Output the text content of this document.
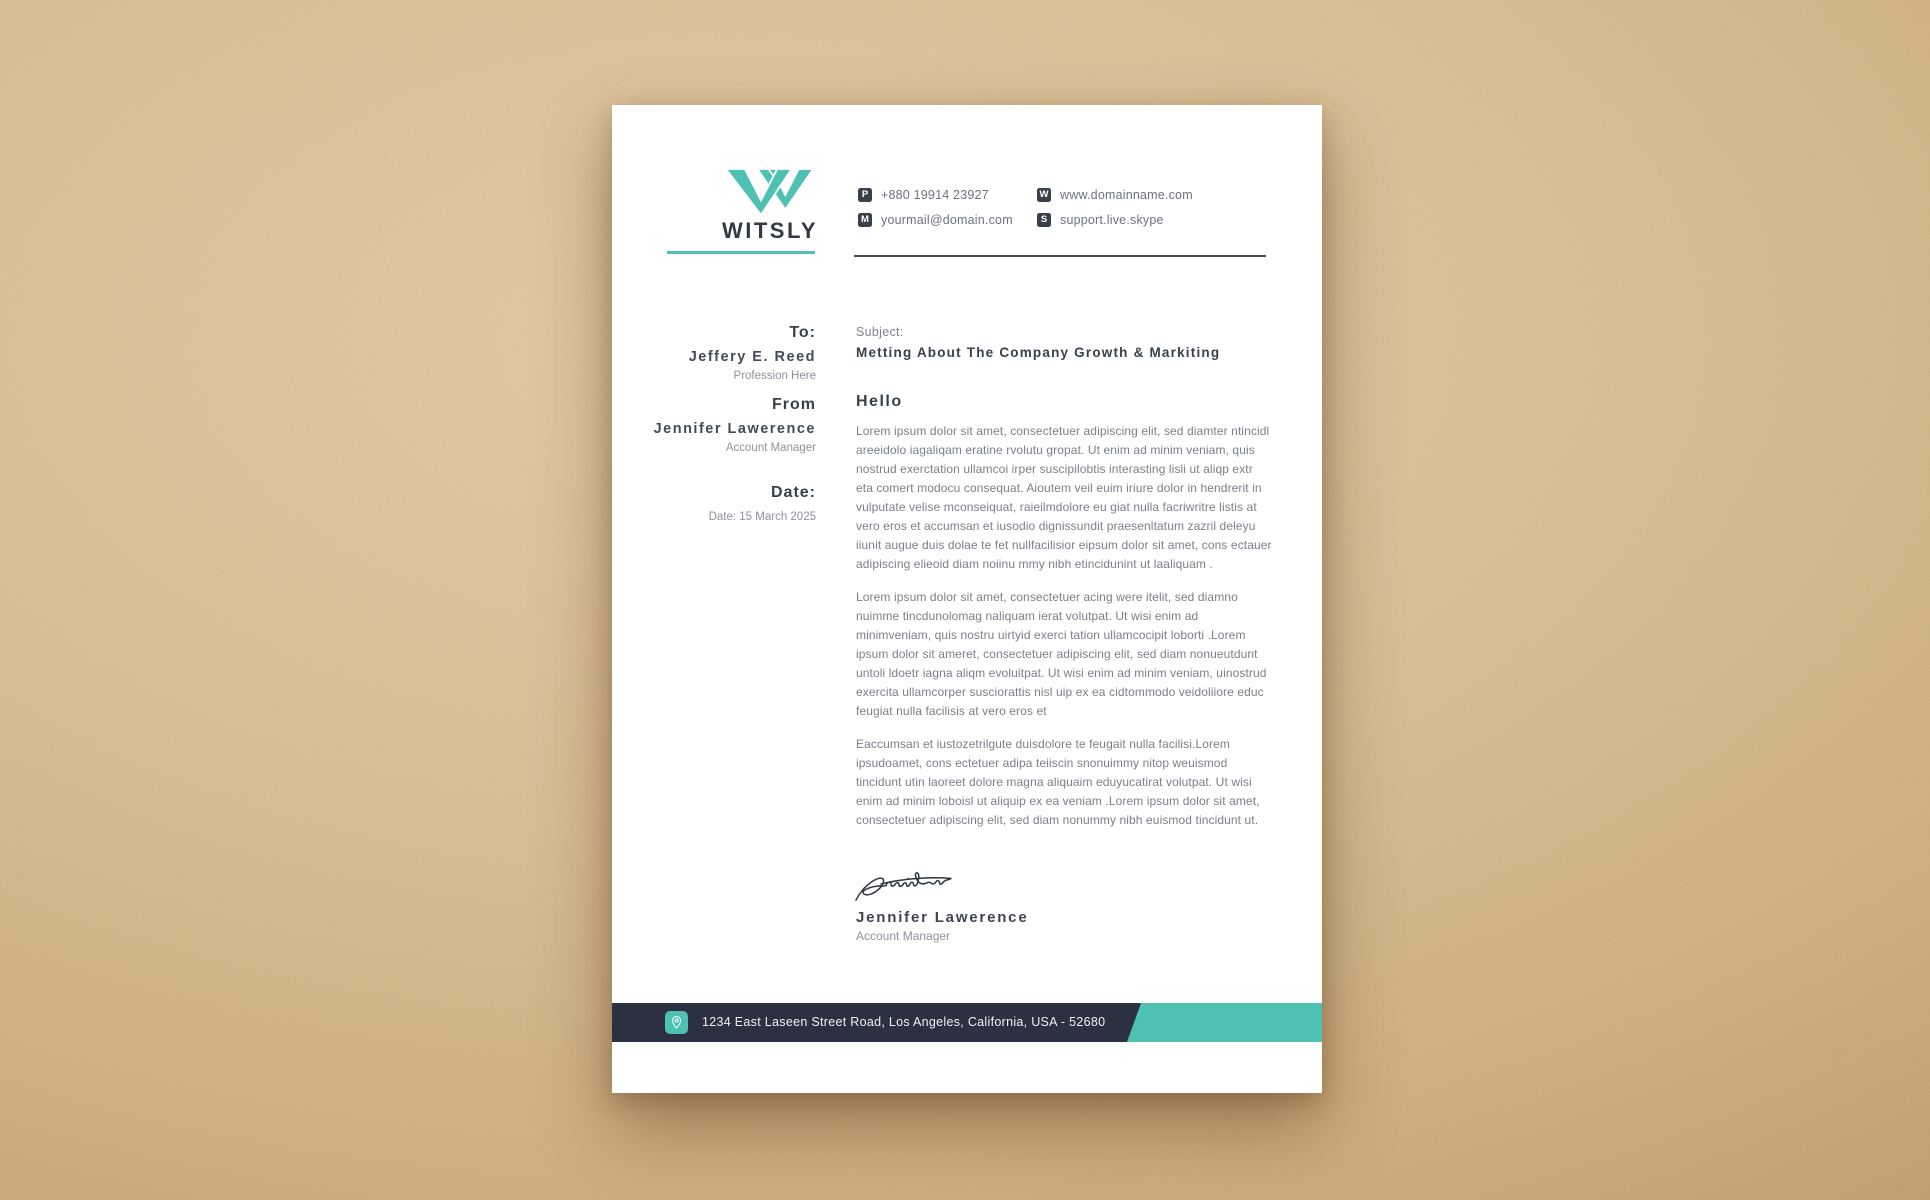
WITSLY
P	+880 19914 23927
M yourmail@domain.com
W www.domainname.com
S	support.live.skype
To:
Jeffery E. Reed
Profession Here
From
Jennifer Lawerence
Account Manager
Date:
Date: 15 March 2025
Subject:
Metting About The Company Growth & Markiting
Hello

Lorem ipsum dolor sit amet, consectetuer adipiscing elit, sed diamter ntincidl areeidolo iagaliqam eratine rvolutu gropat. Ut enim ad minim veniam, quis nostrud exerctation ullamcoi irper suscipilobtis interasting lisli ut aliqp extr eta comert modocu consequat. Aioutem veil euim iriure dolor in hendrerit in vulputate velise mconseiquat, raieilmdolore eu giat nulla facriwritre listis at vero eros et accumsan et iusodio dignissundit praesenltatum zazril deleyu iiunit augue duis dolae te fet nullfacilisior eipsum dolor sit amet, cons ectauer adipiscing elieoid diam noiinu mmy nibh etincidunint ut laaliquam .

Lorem ipsum dolor sit amet, consectetuer acing were itelit, sed diamno nuimme tincdunolomag naliquam ierat volutpat. Ut wisi enim ad minimveniam, quis nostru uirtyid exerci tation ullamcocipit loborti .Lorem ipsum dolor sit ameret, consectetuer adipiscing elit, sed diam nonueutdunt untoli ldoetr iagna aliqm evoluitpat. Ut wisi enim ad minim veniam, uinostrud exercita ullamcorper susciorattis nisl uip ex ea cidtommodo veidoliiore educ feugiat nulla facilisis at vero eros et

Eaccumsan et iustozetrilgute duisdolore te feugait nulla facilisi.Lorem ipsudoamet, cons ectetuer adipa teiiscin snonuimmy nitop weuismod tincidunt utin laoreet dolore magna aliquaim eduyucatirat volutpat. Ut wisi enim ad minim loboisl ut aliquip ex ea veniam .Lorem ipsum dolor sit amet, consectetuer adipiscing elit, sed diam nonummy nibh euismod tincidunt ut.

Jennifer Lawerence
Account Manager
1234 East Laseen Street Road, Los Angeles, California, USA - 52680
